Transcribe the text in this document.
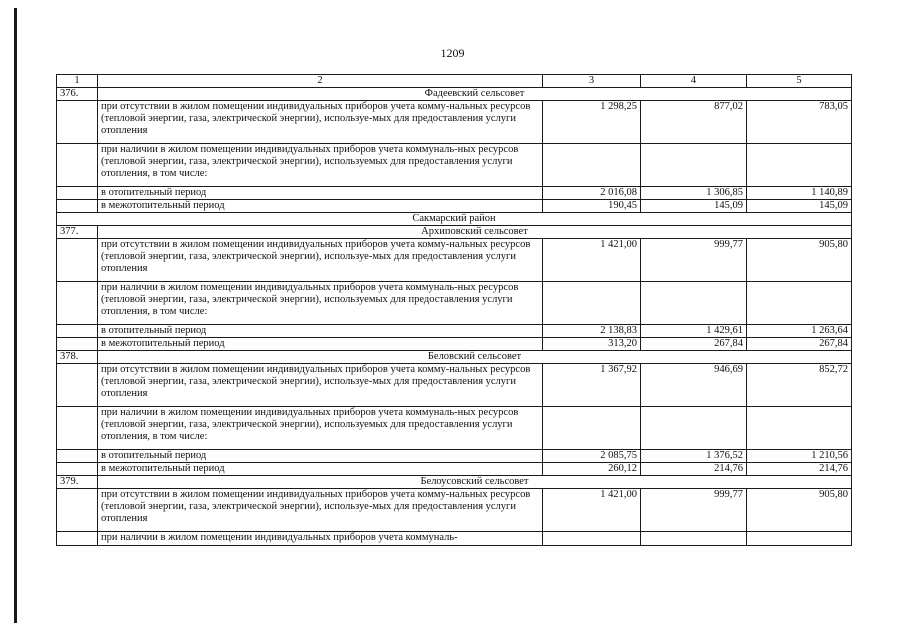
1209
1	2	3	4	5
376.	Фадеевский сельсовет			
	при отсутствии в жилом помещении индивидуальных приборов учета комму-нальных ресурсов (тепловой энергии, газа, электрической энергии), используе-мых для предоставления услуги отопления	1 298,25	877,02	783,05
	при наличии в жилом помещении индивидуальных приборов учета коммуналь-ных ресурсов (тепловой энергии, газа, электрической энергии), используемых для предоставления услуги отопления, в том числе:			
	в отопительный период	2 016,08	1 306,85	1 140,89
	в межотопительный период	190,45	145,09	145,09
Сакмарский район				
377.	Архиповский сельсовет			
	при отсутствии в жилом помещении индивидуальных приборов учета комму-нальных ресурсов (тепловой энергии, газа, электрической энергии), используе-мых для предоставления услуги отопления	1 421,00	999,77	905,80
	при наличии в жилом помещении индивидуальных приборов учета коммуналь-ных ресурсов (тепловой энергии, газа, электрической энергии), используемых для предоставления услуги отопления, в том числе:			
	в отопительный период	2 138,83	1 429,61	1 263,64
	в межотопительный период	313,20	267,84	267,84
378.	Беловский сельсовет			
	при отсутствии в жилом помещении индивидуальных приборов учета комму-нальных ресурсов (тепловой энергии, газа, электрической энергии), используе-мых для предоставления услуги отопления	1 367,92	946,69	852,72
	при наличии в жилом помещении индивидуальных приборов учета коммуналь-ных ресурсов (тепловой энергии, газа, электрической энергии), используемых для предоставления услуги отопления, в том числе:			
	в отопительный период	2 085,75	1 376,52	1 210,56
	в межотопительный период	260,12	214,76	214,76
379.	Белоусовский сельсовет			
	при отсутствии в жилом помещении индивидуальных приборов учета комму-нальных ресурсов (тепловой энергии, газа, электрической энергии), используе-мых для предоставления услуги отопления	1 421,00	999,77	905,80
	при наличии в жилом помещении индивидуальных приборов учета коммуналь-			
